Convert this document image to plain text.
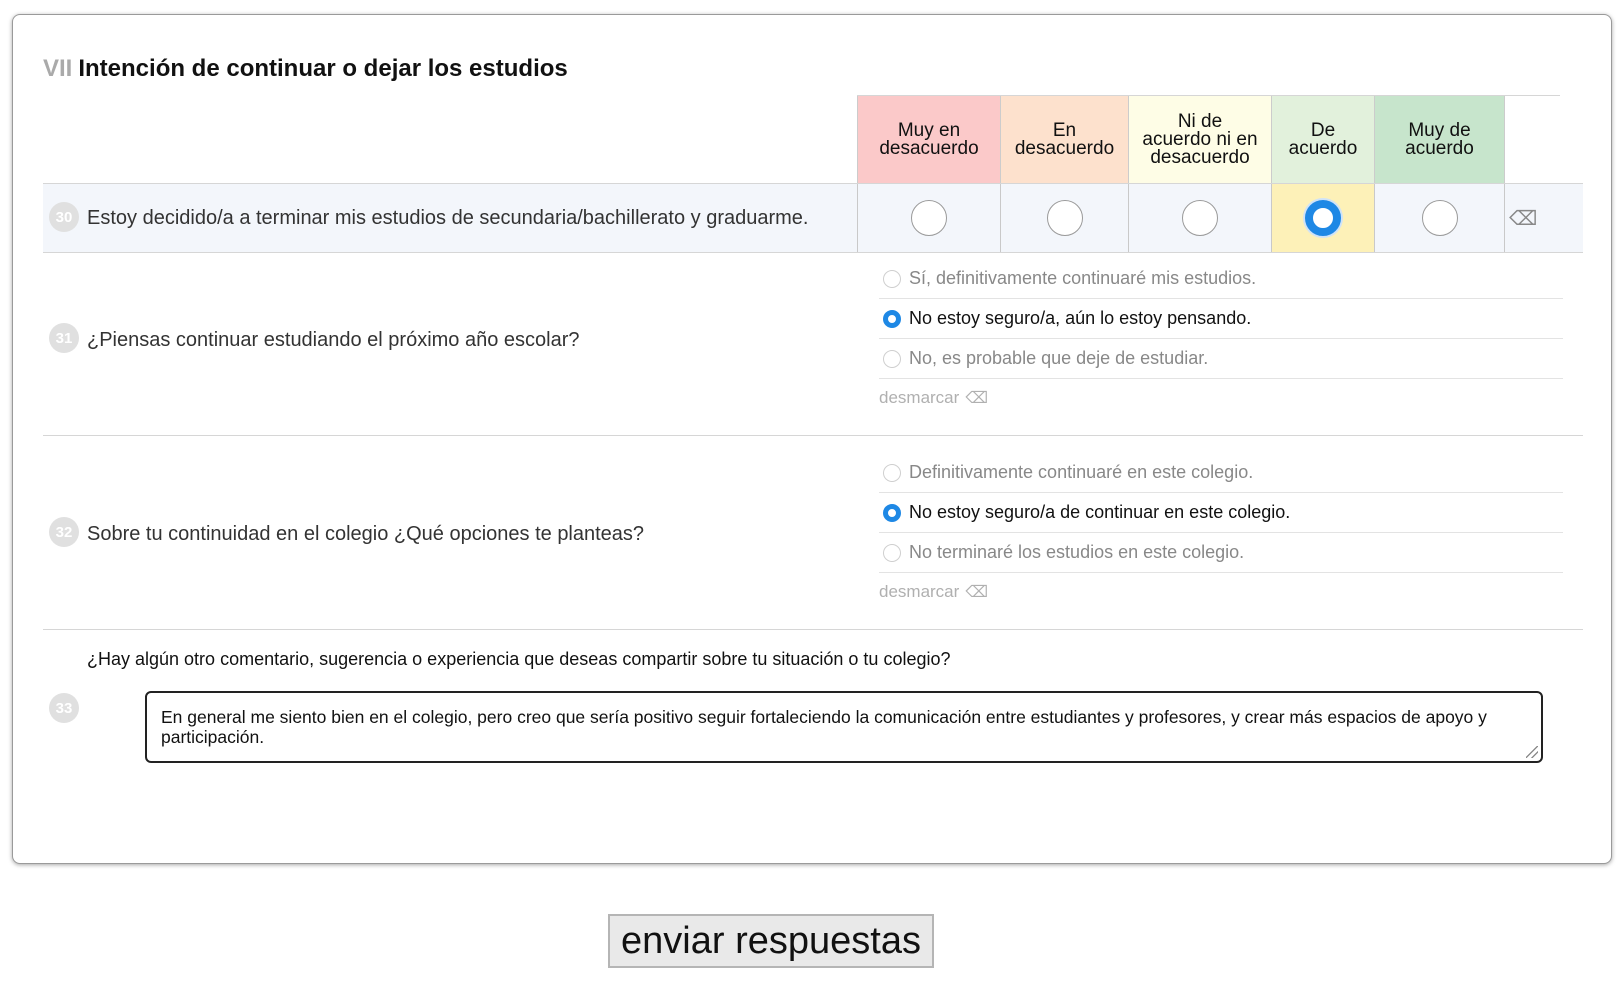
VII Intención de continuar o dejar los estudios
Muy en desacuerdo
En desacuerdo
Ni de acuerdo ni en desacuerdo
De acuerdo
Muy de acuerdo
30 Estoy decidido/a a terminar mis estudios de secundaria/bachillerato y graduarme.	⌫
31 ¿Piensas continuar estudiando el próximo año escolar?
Sí, definitivamente continuaré mis estudios.
No estoy seguro/a, aún lo estoy pensando.
No, es probable que deje de estudiar.
desmarcar ⌫
32 Sobre tu continuidad en el colegio ¿Qué opciones te planteas?
Definitivamente continuaré en este colegio.
No estoy seguro/a de continuar en este colegio.
No terminaré los estudios en este colegio.
desmarcar ⌫
¿Hay algún otro comentario, sugerencia o experiencia que deseas compartir sobre tu situación o tu colegio?
33	En general me siento bien en el colegio, pero creo que sería positivo seguir fortaleciendo la comunicación entre estudiantes y profesores, y crear más espacios de apoyo y participación.
enviar respuestas
